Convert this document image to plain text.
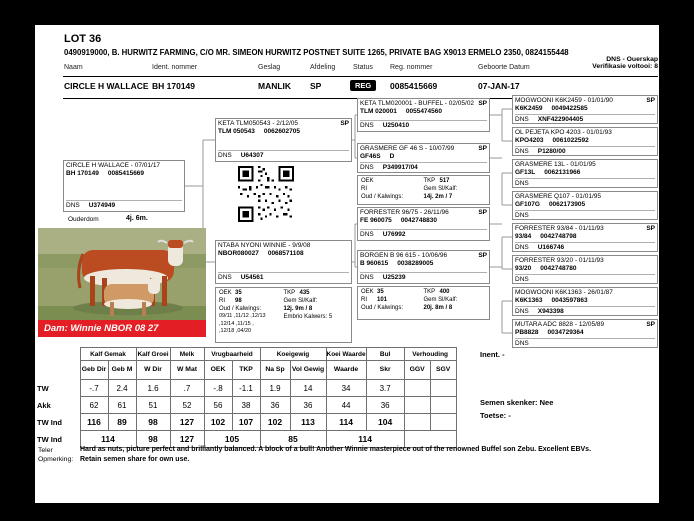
LOT 36
0490919000, B. HURWITZ FARMING, C/O MR. SIMEON HURWITZ POSTNET SUITE 1265, PRIVATE BAG X9013 ERMELO 2350, 0824155448
Naam	Ident. nommer	Geslag	Afdeling	Status Reg. nommer	Geboorte Datum
DNS - Ouerskap
Verifikasie voltooi: 8
CIRCLE H WALLACE BH 170149	MANLIK SP	REG	0085415669	07-JAN-17
CIRCLE H WALLACE - 07/01/17
BH 170149 0085415669
DNS U374949
Ouderdom	4j. 6m.
KETA TLM050543 - 2/12/05	SP
TLM 050543 0062602705
DNS U64307
NTABA NYONI WINNIE - 9/9/08
NBOR080027 0068571108
DNS U54561
OEK 35
RI 98
Oud / Kalwings:
09/11 ,11/12 ,12/13
,12/14 ,11/15 ,
,12/18 ,04/20
TKP 435
Gem Sl/Kalf:
12j. 9m / 8
Embrio Kalwers: 5
KETA TLM020001 - BUFFEL - 02/05/02 SP
TLM 020001 0055474560
DNS U250410
GRASMERE GF 46 S - 10/07/99	SP
GF46S D
DNS P349917/04
OEK
RI
Oud / Kalwings:
TKP 517
Gem Sl/Kalf:
14j. 2m / 7
FORRESTER 96/75 - 26/11/96	SP
FE 960075 0042748830
DNS U76992
BORGEN B 96 615 - 10/06/96	SP
B 960615 0038289005
DNS U25239
OEK 35
RI 101
Oud / Kalwings:
TKP 400
Gem Sl/Kalf:
20j. 8m / 8
MOGWOONI K6K2459 - 01/01/90	SP
K6K2459 0049422585
DNS XNF422904405
OL PEJETA KPO 4203 - 01/01/93
KPO4203 0061022592
DNS P1280/00
GRASMERE 13L - 01/01/95
GF13L 0062131966
DNS
GRASMERE Q107 - 01/01/95
GF107G 0062173905
DNS
FORRESTER 93/84 - 01/11/93	SP
93/84 0042748798
DNS U166746
FORRESTER 93/20 - 01/11/93
93/20 0042748780
DNS
MOGWOONI K6K1363 - 26/01/87
K6K1363 0043597863
DNS X943398
MUTARA ADC 8828 - 12/05/89	SP
PB8828 0034729364
DNS
Dam: Winnie NBOR 08 27
	Kalf Gemak		Kalf Groei	Melk	Vrugbaarheid		Koeigewig		Koei Waarde	Bul	Verhouding	
	Geb Dir	Geb M	W Dir	W Mat	OEK	TKP	Na Sp	Vol Gewig	Waarde	Skr	GGV	SGV
TW	-.7	2.4	1.6	.7	-.8	-1.1	1.9	14	34	3.7		
Akk	62	61	51	52	56	38	36	36	44	36		
TW Ind	116	89	98	127	102	107	102	113	114	104		
TW Ind	114		98	127	105		85		114			
Inent. -
Semen skenker: Nee
Toetse: -
Teler
Opmerking:
Hard as nuts, picture perfect and brilliantly balanced. A block of a bull! Another Winnie masterpiece out of the renowned Buffel son Zebu. Excellent EBVs.
Retain semen share for own use.
